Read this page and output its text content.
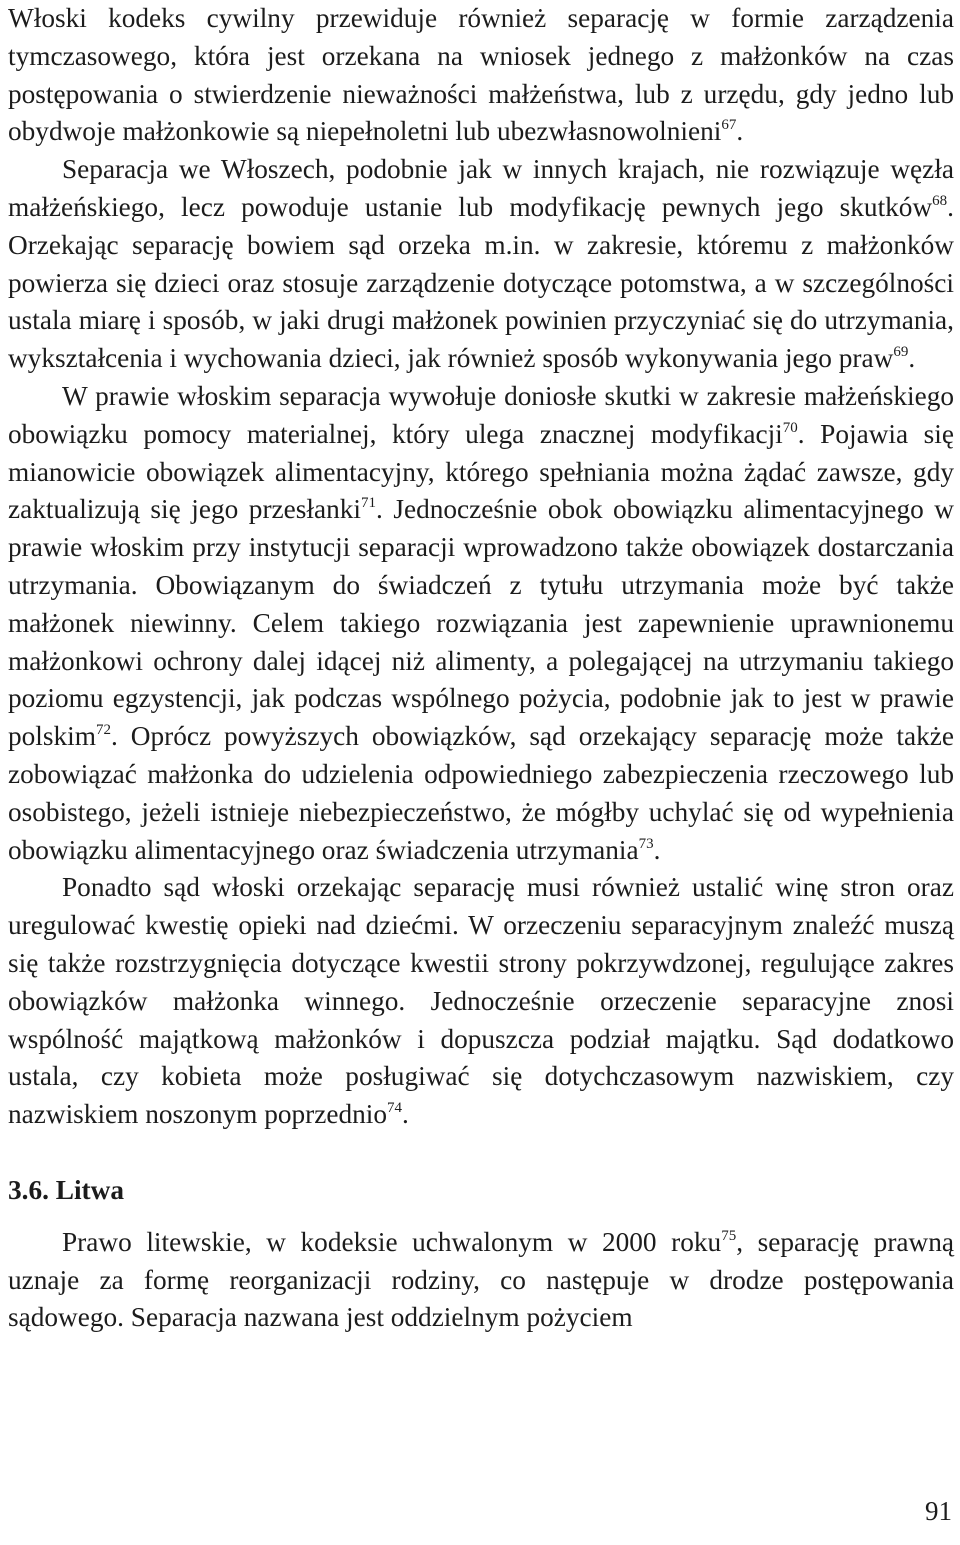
Włoski kodeks cywilny przewiduje również separację w formie zarządzenia tymczasowego, która jest orzekana na wniosek jednego z małżonków na czas postępowania o stwierdzenie nieważności małżeństwa, lub z urzędu, gdy jedno lub obydwoje małżonkowie są niepełnoletni lub ubezwłasnowolnieni$^{67}$.

Separacja we Włoszech, podobnie jak w innych krajach, nie rozwiązuje węzła małżeńskiego, lecz powoduje ustanie lub modyfikację pewnych jego skutków$^{68}$. Orzekając separację bowiem sąd orzeka m.in. w zakresie, któremu z małżonków powierza się dzieci oraz stosuje zarządzenie dotyczące potomstwa, a w szczególności ustala miarę i sposób, w jaki drugi małżonek powinien przyczyniać się do utrzymania, wykształcenia i wychowania dzieci, jak również sposób wykonywania jego praw$^{69}$.

W prawie włoskim separacja wywołuje doniosłe skutki w zakresie małżeńskiego obowiązku pomocy materialnej, który ulega znacznej modyfikacji$^{70}$. Pojawia się mianowicie obowiązek alimentacyjny, którego spełniania można żądać zawsze, gdy zaktualizują się jego przesłanki$^{71}$. Jednocześnie obok obowiązku alimentacyjnego w prawie włoskim przy instytucji separacji wprowadzono także obowiązek dostarczania utrzymania. Obowiązanym do świadczeń z tytułu utrzymania może być także małżonek niewinny. Celem takiego rozwiązania jest zapewnienie uprawnionemu małżonkowi ochrony dalej idącej niż alimenty, a polegającej na utrzymaniu takiego poziomu egzystencji, jak podczas wspólnego pożycia, podobnie jak to jest w prawie polskim$^{72}$. Oprócz powyższych obowiązków, sąd orzekający separację może także zobowiązać małżonka do udzielenia odpowiedniego zabezpieczenia rzeczowego lub osobistego, jeżeli istnieje niebezpieczeństwo, że mógłby uchylać się od wypełnienia obowiązku alimentacyjnego oraz świadczenia utrzymania$^{73}$.

Ponadto sąd włoski orzekając separację musi również ustalić winę stron oraz uregulować kwestię opieki nad dziećmi. W orzeczeniu separacyjnym znaleźć muszą się także rozstrzygnięcia dotyczące kwestii strony pokrzywdzonej, regulujące zakres obowiązków małżonka winnego. Jednocześnie orzeczenie separacyjne znosi wspólność majątkową małżonków i dopuszcza podział majątku. Sąd dodatkowo ustala, czy kobieta może posługiwać się dotychczasowym nazwiskiem, czy nazwiskiem noszonym poprzednio$^{74}$.

3.6. Litwa

Prawo litewskie, w kodeksie uchwalonym w 2000 roku$^{75}$, separację prawną uznaje za formę reorganizacji rodziny, co następuje w drodze postępowania sądowego. Separacja nazwana jest oddzielnym pożyciem

91
